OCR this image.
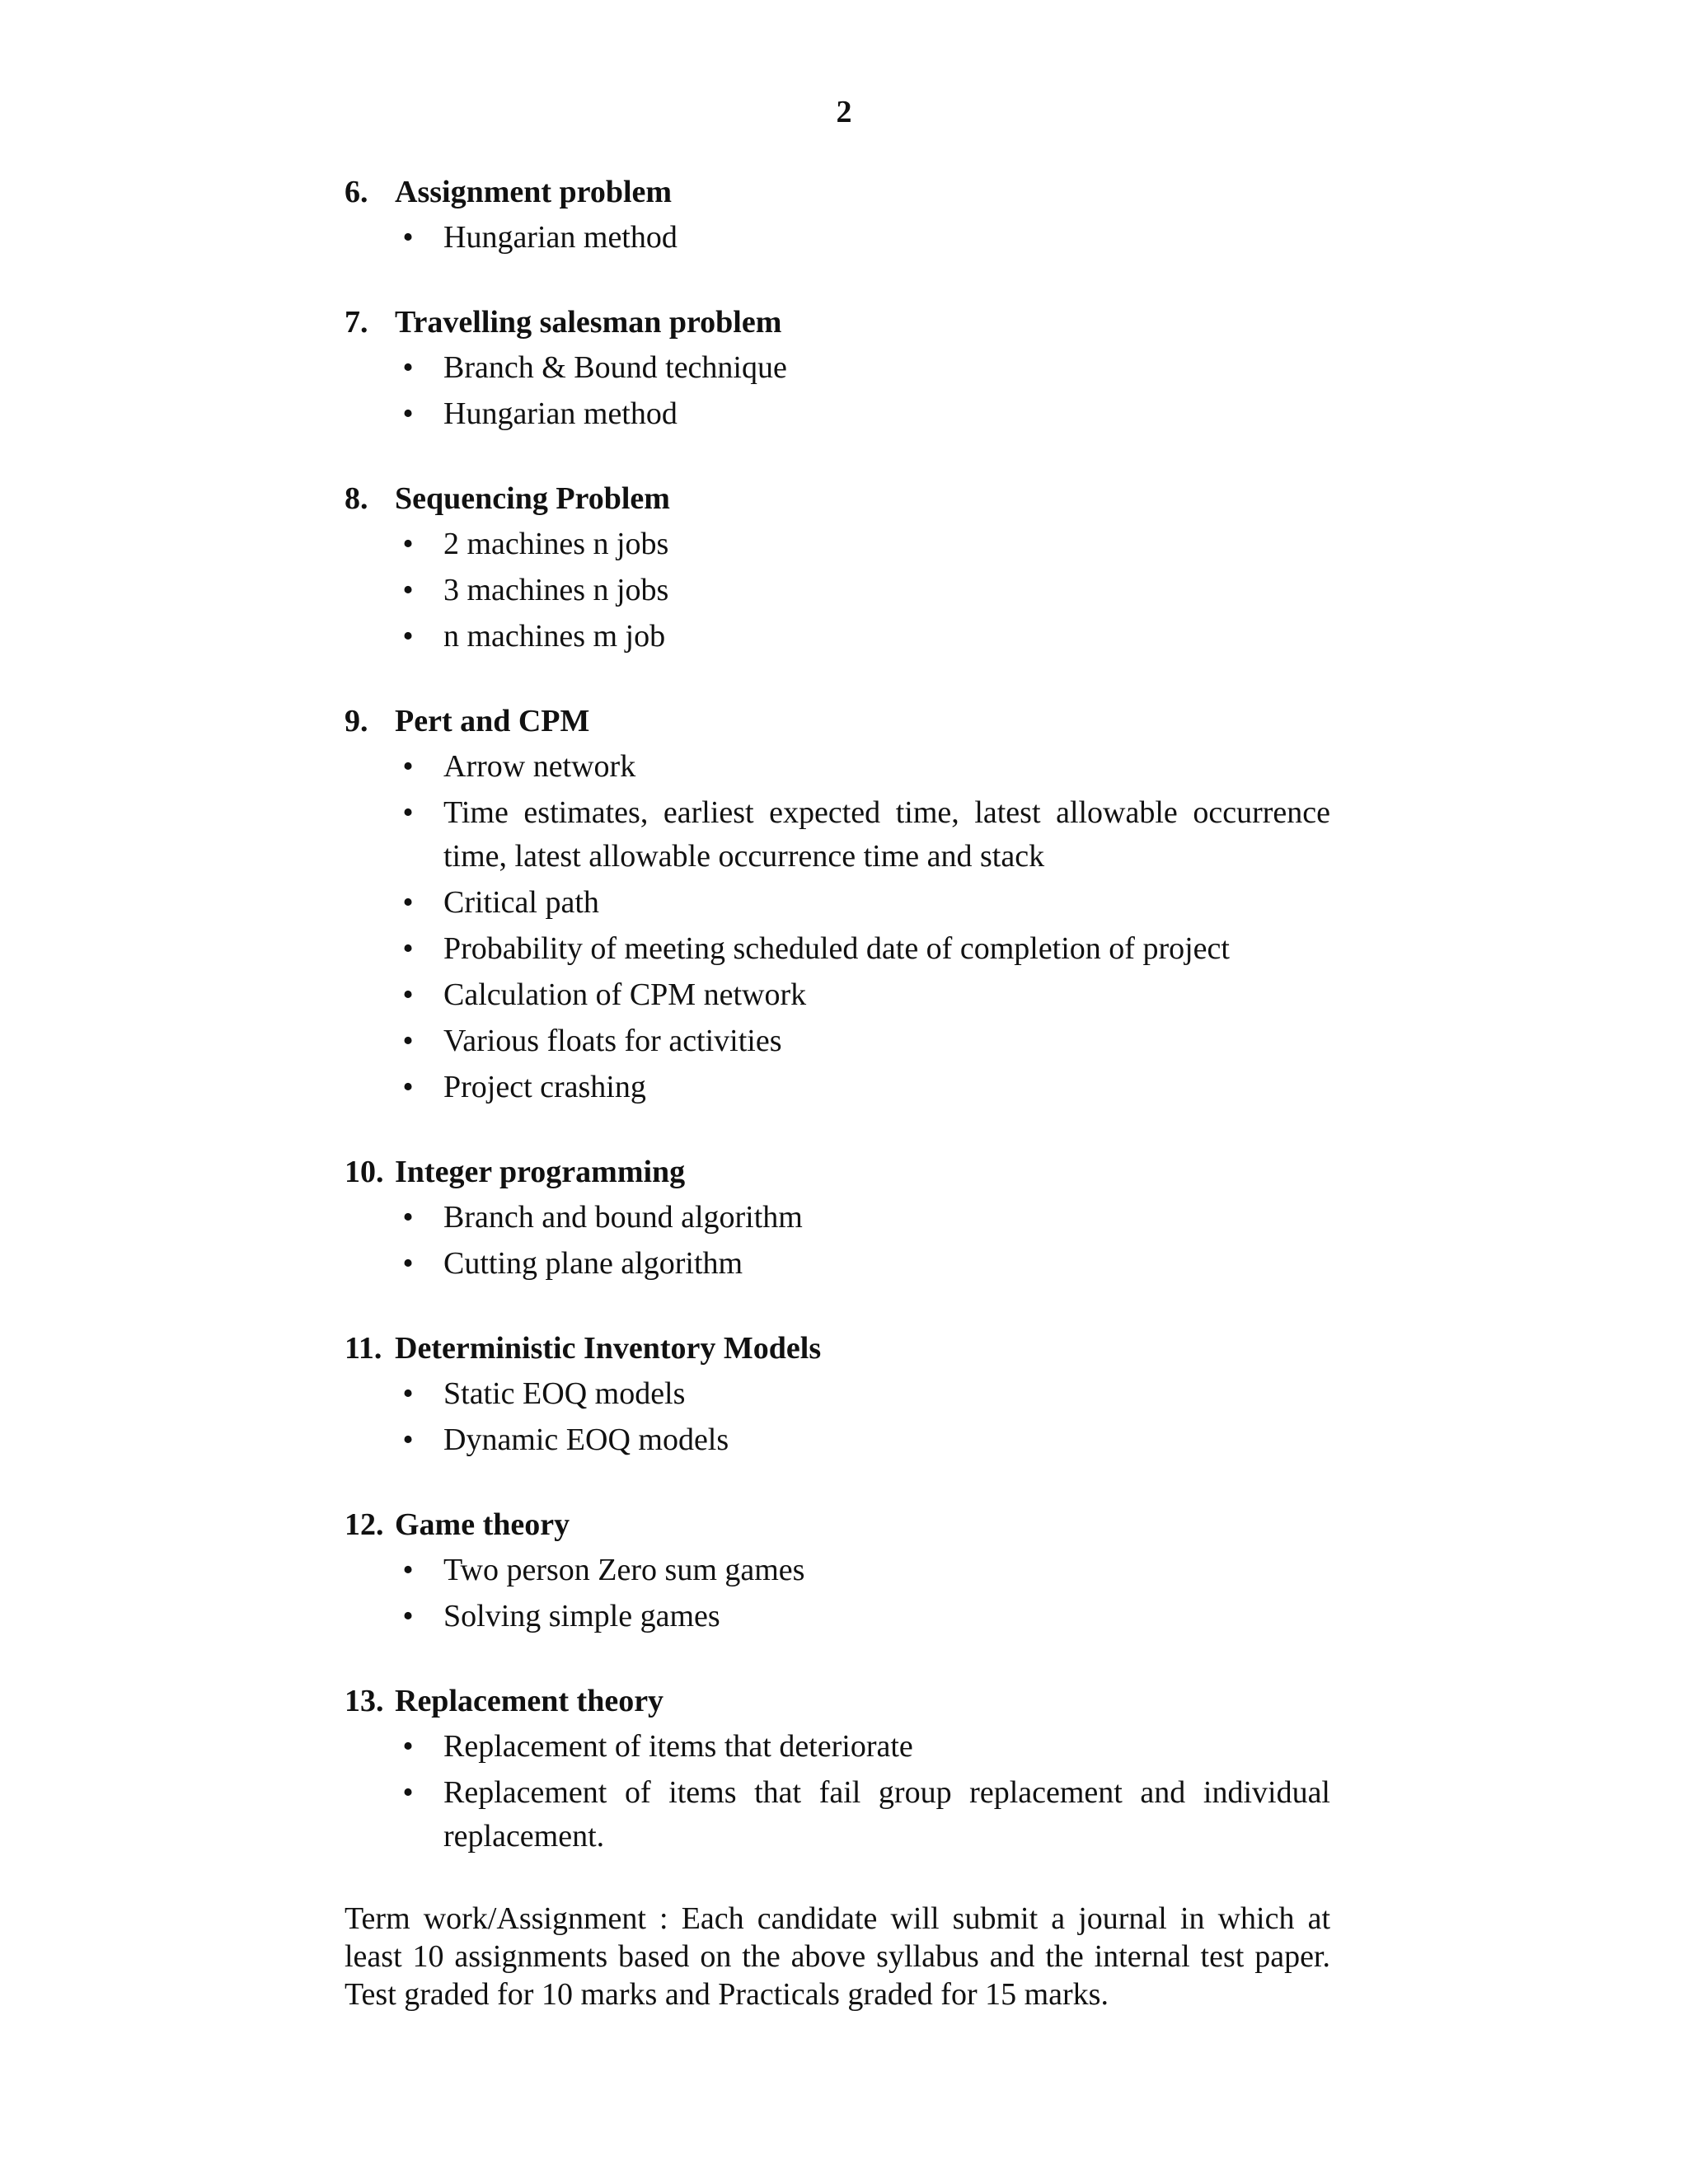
2
6. Assignment problem
• Hungarian method
7. Travelling salesman problem
• Branch & Bound technique
• Hungarian method
8. Sequencing Problem
• 2 machines n jobs
• 3 machines n jobs
• n machines m job
9. Pert and CPM
• Arrow network
• Time estimates, earliest expected time, latest allowable occurrence time, latest allowable occurrence time and stack
• Critical path
• Probability of meeting scheduled date of completion of project
• Calculation of CPM network
• Various floats for activities
• Project crashing
10. Integer programming
• Branch and bound algorithm
• Cutting plane algorithm
11. Deterministic Inventory Models
• Static EOQ models
• Dynamic EOQ models
12. Game theory
• Two person Zero sum games
• Solving simple games
13. Replacement theory
• Replacement of items that deteriorate
• Replacement of items that fail group replacement and individual replacement.

Term work/Assignment : Each candidate will submit a journal in which at least 10 assignments based on the above syllabus and the internal test paper. Test graded for 10 marks and Practicals graded for 15 marks.
